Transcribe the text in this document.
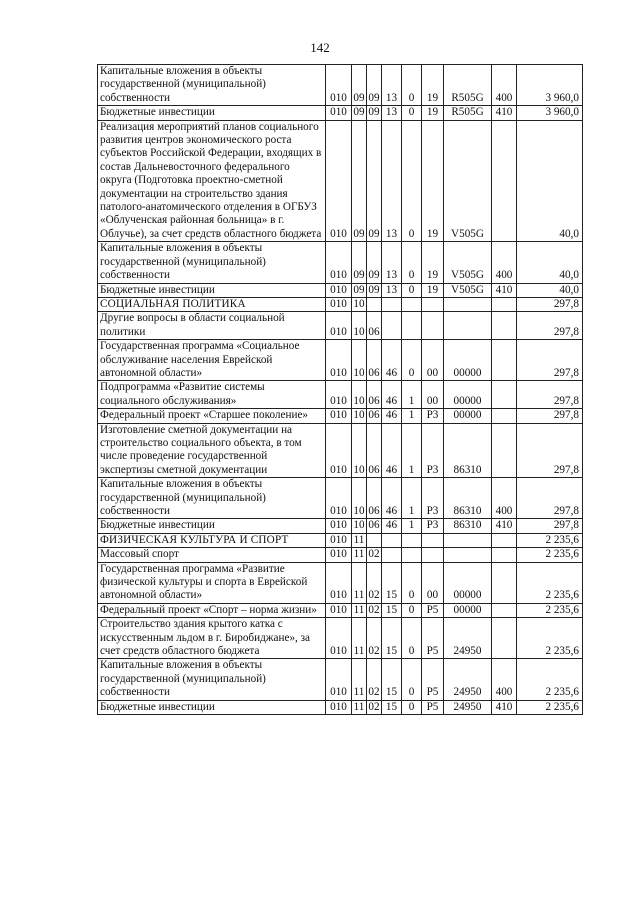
142
Капитальные вложения в объекты государственной (муниципальной) собственности	010	09	09	13	0	19	R505G	400	3 960,0
Бюджетные инвестиции	010	09	09	13	0	19	R505G	410	3 960,0
Реализация мероприятий планов социального развития центров экономического роста субъектов Российской Федерации, входящих в состав Дальневосточного федерального округа (Подготовка проектно-сметной документации на строительство здания патолого-анатомического отделения в ОГБУЗ «Облученская районная больница» в г. Облучье), за счет средств областного бюджета	010	09	09	13	0	19	V505G		40,0
Капитальные вложения в объекты государственной (муниципальной) собственности	010	09	09	13	0	19	V505G	400	40,0
Бюджетные инвестиции	010	09	09	13	0	19	V505G	410	40,0
СОЦИАЛЬНАЯ ПОЛИТИКА	010	10							297,8
Другие вопросы в области социальной политики	010	10	06						297,8
Государственная программа «Социальное обслуживание населения Еврейской автономной области»	010	10	06	46	0	00	00000		297,8
Подпрограмма «Развитие системы социального обслуживания»	010	10	06	46	1	00	00000		297,8
Федеральный проект «Старшее поколение»	010	10	06	46	1	P3	00000		297,8
Изготовление сметной документации на строительство социального объекта, в том числе проведение государственной экспертизы сметной документации	010	10	06	46	1	P3	86310		297,8
Капитальные вложения в объекты государственной (муниципальной) собственности	010	10	06	46	1	P3	86310	400	297,8
Бюджетные инвестиции	010	10	06	46	1	P3	86310	410	297,8
ФИЗИЧЕСКАЯ КУЛЬТУРА И СПОРТ	010	11							2 235,6
Массовый спорт	010	11	02						2 235,6
Государственная программа «Развитие физической культуры и спорта в Еврейской автономной области»	010	11	02	15	0	00	00000		2 235,6
Федеральный проект «Спорт – норма жизни»	010	11	02	15	0	P5	00000		2 235,6
Строительство здания крытого катка с искусственным льдом в г. Биробиджане», за счет средств областного бюджета	010	11	02	15	0	P5	24950		2 235,6
Капитальные вложения в объекты государственной (муниципальной) собственности	010	11	02	15	0	P5	24950	400	2 235,6
Бюджетные инвестиции	010	11	02	15	0	P5	24950	410	2 235,6
